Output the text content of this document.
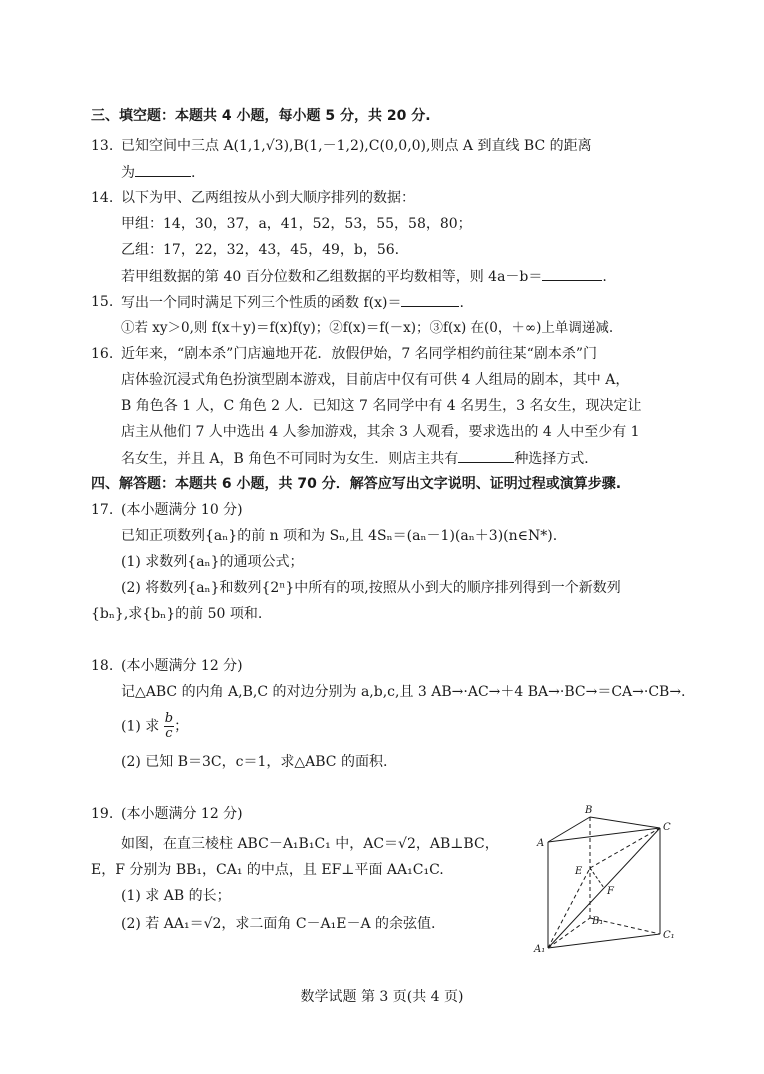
三、填空题：本题共 4 小题，每小题 5 分，共 20 分.
13. 已知空间中三点 A(1,1,√3),B(1,－1,2),C(0,0,0),则点 A 到直线 BC 的距离
为	.
14. 以下为甲、乙两组按从小到大顺序排列的数据：
甲组：14，30，37，a，41，52，53，55，58，80；
乙组：17，22，32，43，45，49，b，56.
若甲组数据的第 40 百分位数和乙组数据的平均数相等，则 4a－b＝	.
15. 写出一个同时满足下列三个性质的函数 f(x)＝	.
①若 xy＞0,则 f(x＋y)＝f(x)f(y)；②f(x)＝f(－x)；③f(x) 在(0，＋∞)上单调递减.
16. 近年来，“剧本杀”门店遍地开花．放假伊始，7 名同学相约前往某“剧本杀”门
店体验沉浸式角色扮演型剧本游戏，目前店中仅有可供 4 人组局的剧本，其中 A，
B 角色各 1 人，C 角色 2 人．已知这 7 名同学中有 4 名男生，3 名女生，现决定让
店主从他们 7 人中选出 4 人参加游戏，其余 3 人观看，要求选出的 4 人中至少有 1
名女生，并且 A，B 角色不可同时为女生．则店主共有	种选择方式．
四、解答题：本题共 6 小题，共 70 分．解答应写出文字说明、证明过程或演算步骤.
17. (本小题满分 10 分)
已知正项数列{aₙ}的前 n 项和为 Sₙ,且 4Sₙ＝(aₙ－1)(aₙ＋3)(n∈N*).
(1) 求数列{aₙ}的通项公式；
(2) 将数列{aₙ}和数列{2ⁿ}中所有的项,按照从小到大的顺序排列得到一个新数列
{bₙ},求{bₙ}的前 50 项和.
18. (本小题满分 12 分)
记△ABC 的内角 A,B,C 的对边分别为 a,b,c,且 3 AB→·AC→＋4 BA→·BC→＝CA→·CB→.
(1) 求 $\frac{b}{c}$ ；
(2) 已知 B＝3C，c＝1，求△ABC 的面积.
19. (本小题满分 12 分)
如图，在直三棱柱 ABC－A₁B₁C₁ 中，AC＝√2，AB⊥BC，
E，F 分别为 BB₁，CA₁ 的中点，且 EF⊥平面 AA₁C₁C.
(1) 求 AB 的长；
(2) 若 AA₁＝√2，求二面角 C－A₁E－A 的余弦值.
B
A
C
E
F
B₁
A₁
C₁
数学试题 第 3 页(共 4 页)
